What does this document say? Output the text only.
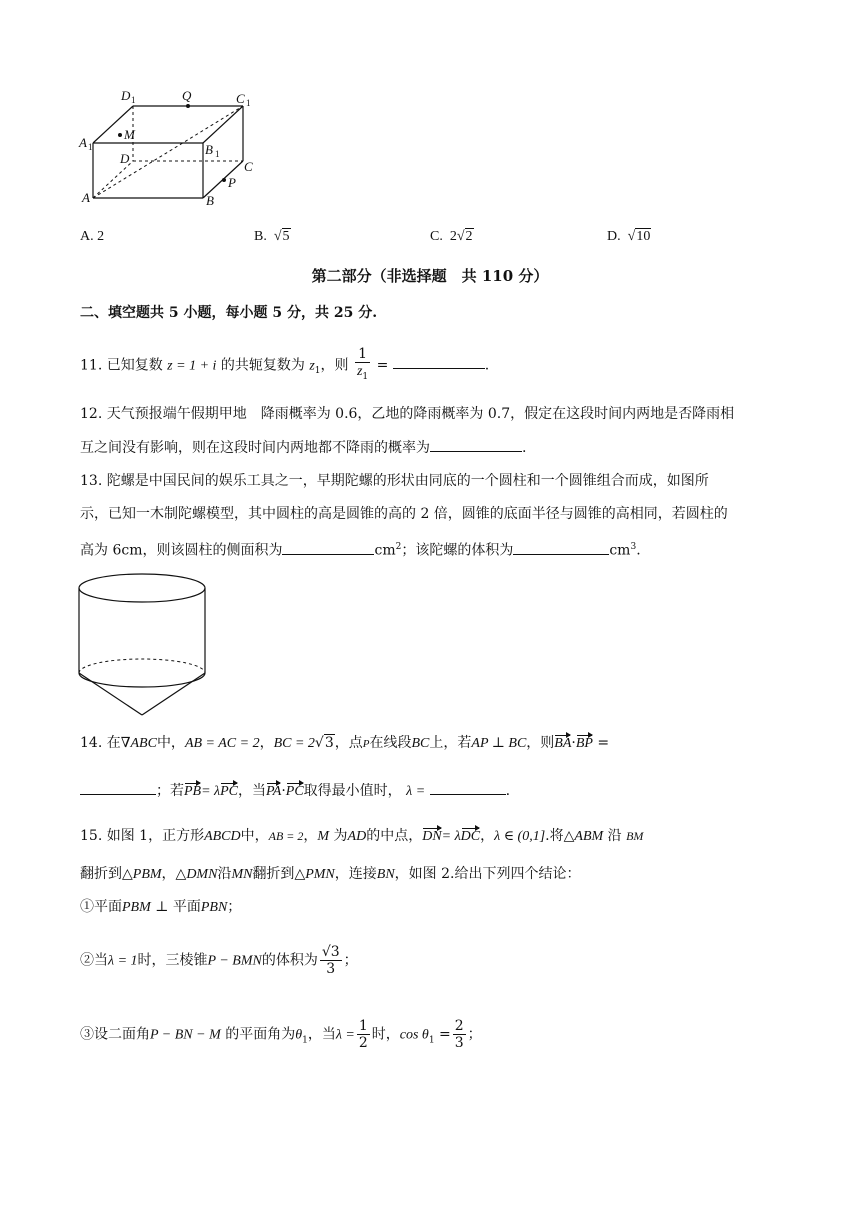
D 1	Q	C 1
A 1
M
D
B 1
C
P
A	B
A. 2	B.  √5	C. 2√2	D.  √10
第二部分（非选择题　共 110 分）
二、填空题共 5 小题，每小题 5 分，共 25 分.
11. 已知复数 z = 1 + i 的共轭复数为 $z_1$，则 $\frac{1}{z_1}$ =	.
12. 天气预报端午假期甲地　降雨概率为 0.6，乙地的降雨概率为 0.7，假定在这段时间内两地是否降雨相
互之间没有影响，则在这段时间内两地都不降雨的概率为	.
13. 陀螺是中国民间的娱乐工具之一，早期陀螺的形状由同底的一个圆柱和一个圆锥组合而成，如图所
示，已知一木制陀螺模型，其中圆柱的高是圆锥的高的 2 倍，圆锥的底面半径与圆锥的高相同，若圆柱的
高为 6cm，则该圆柱的侧面积为	$cm^2$；该陀螺的体积为	$cm^3$.
14. 在∇ABC中，AB = AC = 2，BC = 2√3，点P在线段BC上，若AP ⊥ BC，则BA·BP =
；若PB= λPC，当PA·PC取得最小值时， λ =	.
15. 如图 1，正方形ABCD中，AB = 2，M 为AD的中点，DN= λDC，λ ∈ (0,1].将△ABM 沿 BM
翻折到△PBM，△DMN沿MN翻折到△PMN，连接BN，如图 2.给出下列四个结论：
①平面PBM ⊥ 平面PBN；
②当λ = 1时，三棱锥P − BMN的体积为 $\frac{√3}{3}$ ；
③设二面角P − BN − M 的平面角为$\theta_1$，当$\lambda = \frac{1}{2}$ 时，$\cos \theta_1 = \frac{2}{3}$ ；
